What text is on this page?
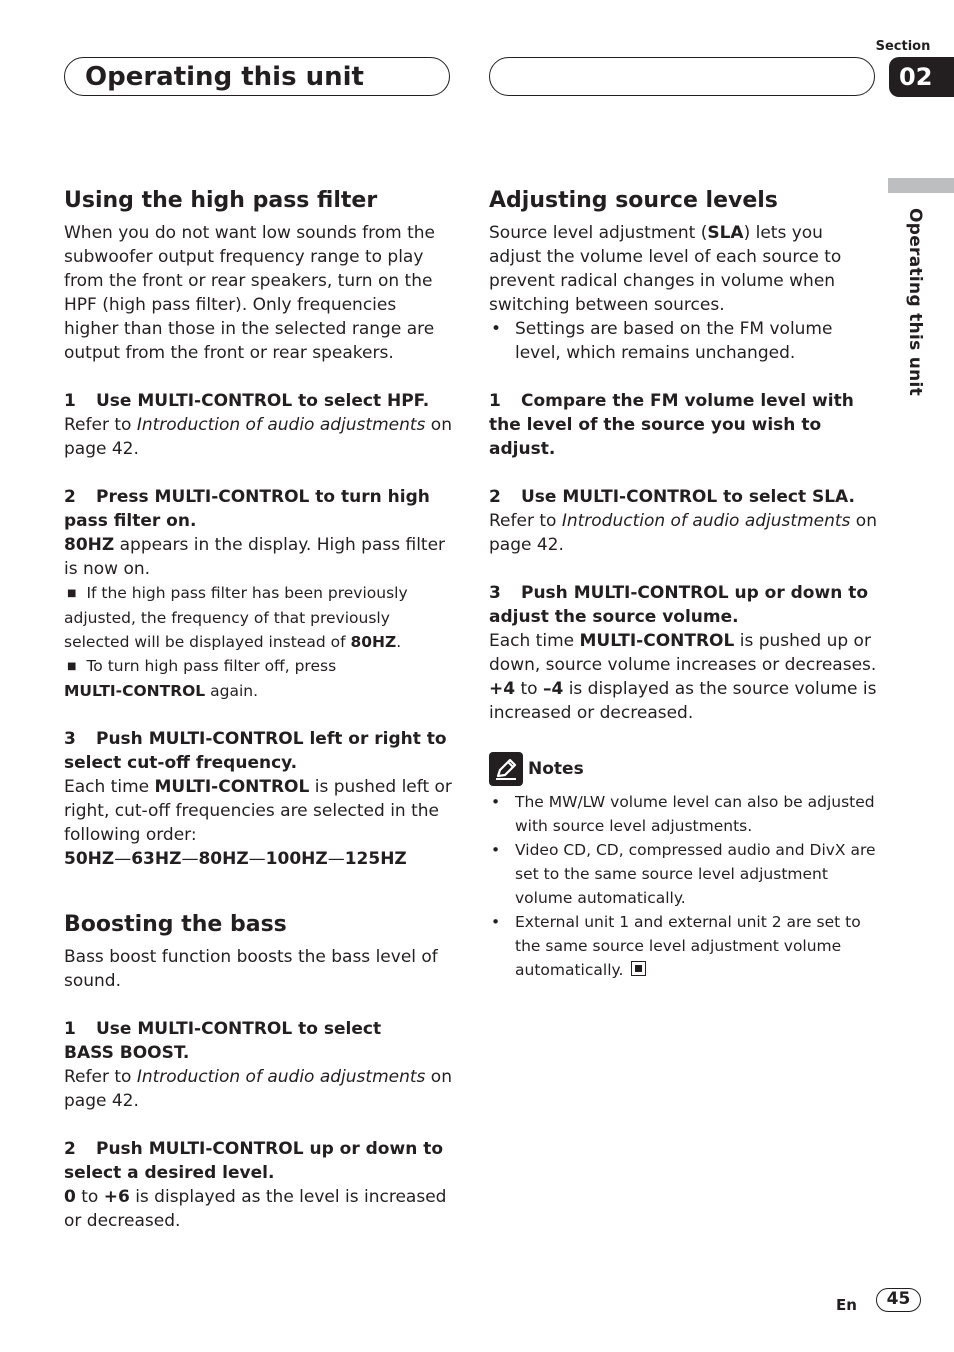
Section
02
Operating this unit
Operating this unit
Using the high pass filter

When you do not want low sounds from the subwoofer output frequency range to play from the front or rear speakers, turn on the HPF (high pass filter). Only frequencies higher than those in the selected range are output from the front or rear speakers.

1 Use MULTI-CONTROL to select HPF.

Refer to Introduction of audio adjustments on page 42.

2 Press MULTI-CONTROL to turn high pass filter on.

80HZ appears in the display. High pass filter is now on.

■ If the high pass filter has been previously adjusted, the frequency of that previously selected will be displayed instead of 80HZ.

■ To turn high pass filter off, press
MULTI-CONTROL again.

3 Push MULTI-CONTROL left or right to select cut-off frequency.

Each time MULTI-CONTROL is pushed left or right, cut-off frequencies are selected in the following order:

50HZ—63HZ—80HZ—100HZ—125HZ

Boosting the bass

Bass boost function boosts the bass level of sound.

1 Use MULTI-CONTROL to select
BASS BOOST.

Refer to Introduction of audio adjustments on page 42.

2 Push MULTI-CONTROL up or down to select a desired level.

0 to +6 is displayed as the level is increased or decreased.

Adjusting source levels

Source level adjustment (SLA) lets you adjust the volume level of each source to prevent radical changes in volume when switching between sources.

• Settings are based on the FM volume level, which remains unchanged.

1 Compare the FM volume level with the level of the source you wish to adjust.

2 Use MULTI-CONTROL to select SLA.

Refer to Introduction of audio adjustments on page 42.

3 Push MULTI-CONTROL up or down to adjust the source volume.

Each time MULTI-CONTROL is pushed up or down, source volume increases or decreases.
+4 to –4 is displayed as the source volume is increased or decreased.

Notes

• The MW/LW volume level can also be adjusted with source level adjustments.

• Video CD, CD, compressed audio and DivX are set to the same source level adjustment volume automatically.

• External unit 1 and external unit 2 are set to the same source level adjustment volume automatically.

En	45
